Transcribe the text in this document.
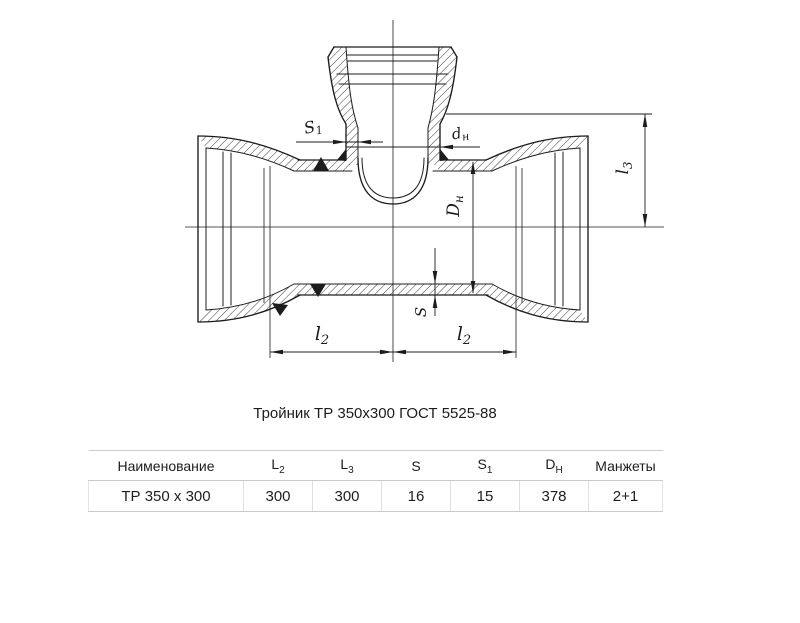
S1	$d_н$
$D_н$
S
$l_3$
$l_2$	$l_2$
Тройник ТР 350х300 ГОСТ 5525-88
Наименование	$L_2$	$L_3$	S	$S_1$	$D_Н$	Манжеты
ТР 350 х 300	300	300	16	15	378	2+1
